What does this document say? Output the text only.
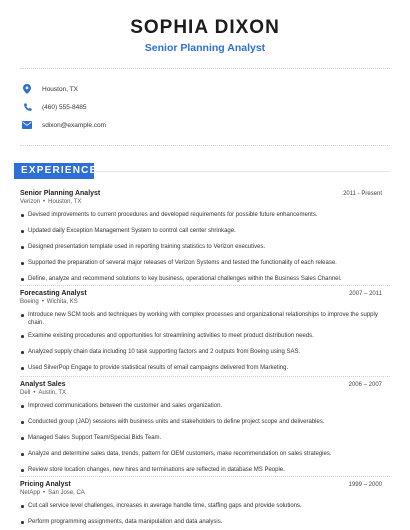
SOPHIA DIXON
Senior Planning Analyst
Houston, TX
(460) 555-8485
sdixon@example.com
EXPERIENCE
Senior Planning Analyst	2011 - Present
Verizon • Houston, TX
Devised improvements to current procedures and developed requirements for possible future enhancements.
Updated daily Exception Management System to control call center shrinkage.
Designed presentation template used in reporting training statistics to Verizon executives.
Supported the preparation of several major releases of Verizon Systems and tested the functionality of each release.
Define, analyze and recommend solutions to key business, operational challenges within the Business Sales Channel.
Forecasting Analyst	2007 – 2011
Boeing • Wichita, KS
Introduce new SCM tools and techniques by working with complex processes and organizational relationships to improve the supply chain.
Examine existing procedures and opportunities for streamlining activities to meet product distribution needs.
Analyzed supply chain data including 10 task supporting factors and 2 outputs from Boeing using SAS.
Used SilverPop Engage to provide statistical results of email campaigns delivered from Marketing.
Analyst Sales	2006 – 2007
Dell • Austin, TX
Improved communications between the customer and sales organization.
Conducted group (JAD) sessions with business units and stakeholders to define project scope and deliverables.
Managed Sales Support Team/Special Bids Team.
Analyze and determine sales data, trends, pattern for OEM customers, make recommendation on sales strategies.
Review store location changes, new hires and terminations are reflected in database MS People.
Pricing Analyst	1999 – 2000
NetApp • San Jose, CA
Cut call service level challenges, increases in average handle time, staffing gaps and provide solutions.
Perform programming assignments, data manipulation and data analysis.
